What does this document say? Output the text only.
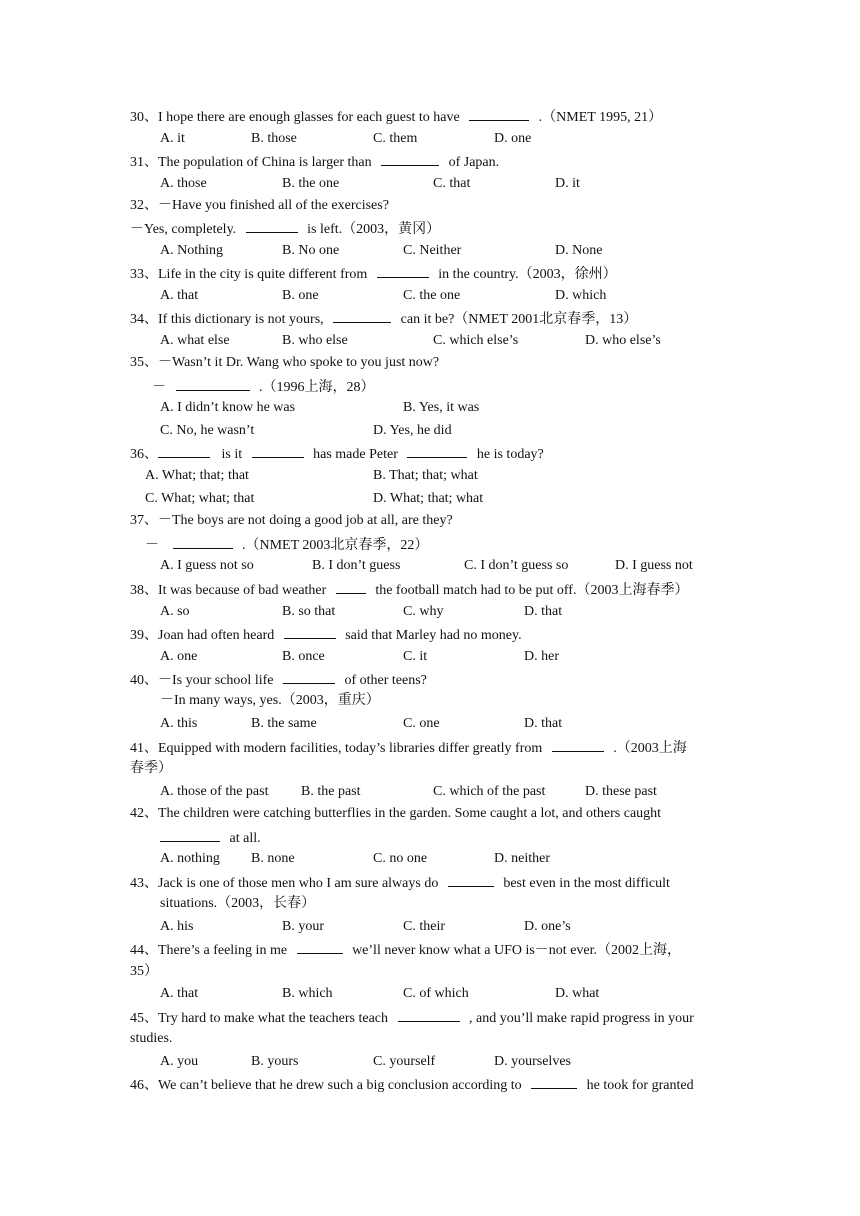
30、I hope there are enough glasses for each guest to have	.（NMET 1995, 21）
A. it	B. those	C. them	D. one
31、The population of China is larger than	of Japan.
A. those	B. the one	C. that	D. it
32、－Have you finished all of the exercises?
－Yes, completely.	is left.（2003，黄冈）
A. Nothing	B. No one	C. Neither	D. None
33、Life in the city is quite different from	in the country.（2003，徐州）
A. that	B. one	C. the one	D. which
34、If this dictionary is not yours,	can it be?（NMET 2001北京春季，13）
A. what else	B. who else	C. which else’s	D. who else’s
35、－Wasn’t it Dr. Wang who spoke to you just now?
－	.（1996上海，28）
A. I didn’t know he was	B. Yes, it was
C. No, he wasn’t	D. Yes, he did
36、	is it	has made Peter	he is today?
A. What; that; that	B. That; that; what
C. What; what; that	D. What; that; what
37、－The boys are not doing a good job at all, are they?
－	.（NMET 2003北京春季，22）
A. I guess not so	B. I don’t guess	C. I don’t guess so	D. I guess not
38、It was because of bad weather	the football match had to be put off.（2003上海春季）
A. so	B. so that	C. why	D. that
39、Joan had often heard	said that Marley had no money.
A. one	B. once	C. it	D. her
40、－Is your school life	of other teens?
－In many ways, yes.（2003，重庆）
A. this	B. the same	C. one	D. that
41、Equipped with modern facilities, today’s libraries differ greatly from	.（2003上海
春季）
A. those of the past B. the past	C. which of the past	D. these past
42、The children were catching butterflies in the garden. Some caught a lot, and others caught
at all.
A. nothing B. none	C. no one	D. neither
43、Jack is one of those men who I am sure always do	best even in the most difficult
situations.（2003，长春）
A. his	B. your	C. their	D. one’s
44、There’s a feeling in me	we’ll never know what a UFO is－not ever.（2002上海，
35）
A. that	B. which	C. of which	D. what
45、Try hard to make what the teachers teach	, and you’ll make rapid progress in your
studies.
A. you	B. yours	C. yourself	D. yourselves
46、We can’t believe that he drew such a big conclusion according to	he took for granted
